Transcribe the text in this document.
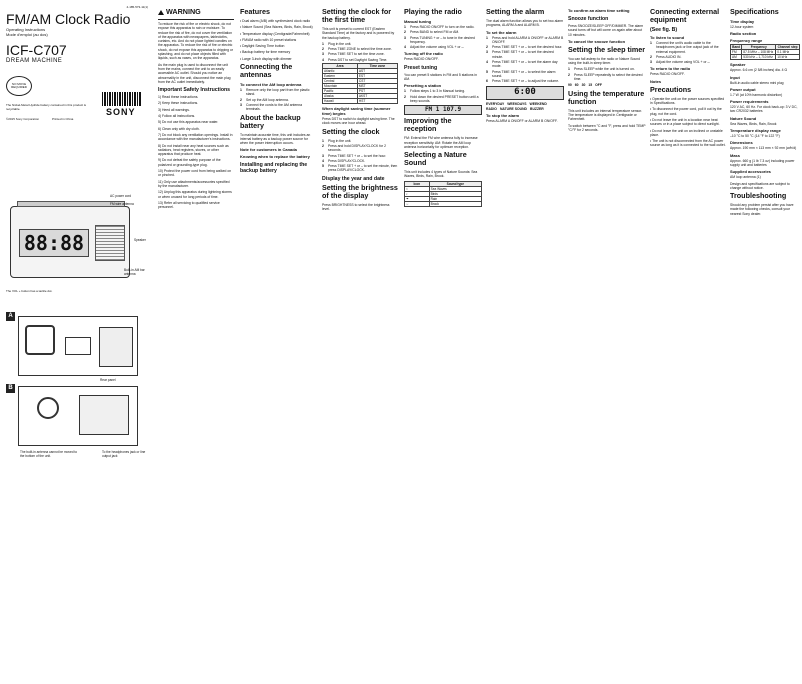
4-185-573-11(1)
FM/AM Clock Radio
Operating Instructions
Mode d'emploi (au dos)
ICF-C707
DREAM MACHINE
NO MOVE REQUIRED
The Nickel-Metal Hydride battery contained in this product is recyclable.
©2015 Sony Corporation	Printed in China
SONY
88:88
AC power cord
FM wire antenna
Speaker
Built-in AM bar antenna
The VOL + button has a tactile dot.
A
Rear panel
B
The built-in antenna cannot be moved to the bottom of the unit.
To the headphones jack or line output jack
WARNING

To reduce the risk of fire or electric shock, do not expose this apparatus to rain or moisture. To reduce the risk of fire, do not cover the ventilation of the apparatus with newspapers, tablecloths, curtains, etc. And do not place lighted candles on the apparatus. To reduce the risk of fire or electric shock, do not expose this apparatus to dripping or splashing, and do not place objects filled with liquids, such as vases, on the apparatus.

As the main plug is used to disconnect the unit from the mains, connect the unit to an easily accessible AC outlet. Should you notice an abnormality in the unit, disconnect the main plug from the AC outlet immediately.

Important Safety Instructions

1) Read these instructions.

2) Keep these instructions.

3) Heed all warnings.

4) Follow all instructions.

5) Do not use this apparatus near water.

6) Clean only with dry cloth.

7) Do not block any ventilation openings. Install in accordance with the manufacturer's instructions.

8) Do not install near any heat sources such as radiators, heat registers, stoves, or other apparatus that produce heat.

9) Do not defeat the safety purpose of the polarized or grounding-type plug.

10) Protect the power cord from being walked on or pinched.

11) Only use attachments/accessories specified by the manufacturer.

12) Unplug this apparatus during lightning storms or when unused for long periods of time.

13) Refer all servicing to qualified service personnel.

Features

• Dual alarm (A/B) with synthesized clock radio

• Nature Sound (Sea Waves, Birds, Rain, Brook)

• Temperature display (Centigrade/Fahrenheit)

• FM/AM radio with 10 preset stations

• Daylight Saving Time button

• Backup battery for time memory

• Large 3-inch display with dimmer

Connecting the antennas
To connect the AM loop antenna
1	Remove only the loop part from the plastic stand.
2	Set up the AM loop antenna.
3	Connect the cords to the AM antenna terminals.
About the backup battery

To maintain accurate time, this unit includes an internal battery as a backup power source for when the power interruption occurs.

Note for customers in Canada
Knowing when to replace the battery
Installing and replacing the backup battery
Setting the clock for the first time

This unit is preset to current EST (Eastern Standard Time) at the factory and is powered by the backup battery.

1	Plug in the unit.
2	Press TIME ZONE to select the time zone.
3	Press TIME SET to set the time zone.
4	Press DST to set Daylight Saving Time.
Area	Time zone
Atlantic	AST
Eastern	EST
Central	CST
Mountain	MST
Pacific	PST
Alaska	AKST
Hawaii	HST
When daylight saving time (summer time) begins

Press DST to switch to daylight saving time. The clock moves one hour ahead.

Setting the clock
1	Plug in the unit.
2	Press and hold DISPLAY/CLOCK for 2 seconds.
3	Press TIME SET + or – to set the hour.
4	Press DISPLAY/CLOCK.
5	Press TIME SET + or – to set the minute, then press DISPLAY/CLOCK.
Display the year and date
Setting the brightness of the display

Press BRIGHTNESS to select the brightness level.

Playing the radio
Manual tuning
1	Press RADIO ON/OFF to turn on the radio.
2	Press BAND to select FM or AM.
3	Press TUNING + or – to tune in the desired frequency.
4	Adjust the volume using VOL + or –.
Turning off the radio

Press RADIO ON/OFF.

Preset tuning

You can preset 5 stations in FM and 5 stations in AM.

Presetting a station
1	Follow steps 1 to 3 in Manual tuning.
2	Hold down the desired PRESET button until a beep sounds.
FM 1 107.9
Improving the reception

FM: Extend the FM wire antenna fully to increase reception sensitivity. AM: Rotate the AM loop antenna horizontally for optimum reception.

Selecting a Nature Sound

This unit includes 4 types of Nature Sounds: Sea Waves, Birds, Rain, Brook.

Icon	Sound type
≈	Sea Waves
♪	Birds
☂	Rain
∼	Brook
Setting the alarm

The dual alarm function allows you to set two alarm programs, ALARM A and ALARM B.

To set the alarm
1	Press and hold ALARM A ON/OFF or ALARM B ON/OFF.
2	Press TIME SET + or – to set the desired hour.
3	Press TIME SET + or – to set the desired minute.
4	Press TIME SET + or – to set the alarm day mode.
5	Press TIME SET + or – to select the alarm sound.
6	Press TIME SET + or – to adjust the volume.
6:00
EVERYDAY WEEKDAYS WEEKEND
RADIO NATURE SOUND BUZZER
To stop the alarm

Press ALARM A ON/OFF or ALARM B ON/OFF.

To confirm an alarm time setting
Snooze function

Press SNOOZE/SLEEP OFF/DIMMER. The alarm sound turns off but will come on again after about 10 minutes.

To cancel the snooze function
Setting the sleep timer

You can fall asleep to the radio or Nature Sound using the built-in sleep timer.

1	Press SLEEP while the unit is turned on.
2	Press SLEEP repeatedly to select the desired time.
90 60 30 15 OFF
Using the temperature function

This unit includes an internal temperature sensor. The temperature is displayed in Centigrade or Fahrenheit.

To switch between °C and °F, press and hold TEMP °C/°F for 2 seconds.

Connecting external equipment
(See fig. B)
To listen to sound
1	Connect the unit's audio cable to the headphones jack or line output jack of the external equipment.
2	Press AUDIO IN.
3	Adjust the volume using VOL + or –.
To return to the radio

Press RADIO ON/OFF.

Notes
Precautions

• Operate the unit on the power sources specified in Specifications.

• To disconnect the power cord, pull it out by the plug, not the cord.

• Do not leave the unit in a location near heat sources or in a place subject to direct sunlight.

• Do not leave the unit on an inclined or unstable place.

• The unit is not disconnected from the AC power source as long as it is connected to the wall outlet.

Specifications
Time display

12-hour system

Radio section
Frequency range
Band	Frequency	Channel step
FM	87.5 MHz – 108 MHz	0.1 MHz
AM	530 kHz – 1,710 kHz	10 kHz
Speaker

Approx. 6.6 cm (2 5/8 inches) dia. 4 Ω

Input

Built-in audio cable stereo mini plug

Power output

1.7 W (at 10% harmonic distortion)

Power requirements

120 V AC, 60 Hz. For clock back-up: 3 V DC, two CR2032 batteries

Nature Sound

Sea Waves, Birds, Rain, Brook

Temperature display range

–10 °C to 50 °C (14 °F to 122 °F)

Dimensions

Approx. 190 mm × 113 mm × 92 mm (w/h/d)

Mass

Approx. 660 g (1 lb 7.3 oz) including power supply unit and batteries

Supplied accessories

AM loop antenna (1)

Design and specifications are subject to change without notice.

Troubleshooting

Should any problem persist after you have made the following checks, consult your nearest Sony dealer.
